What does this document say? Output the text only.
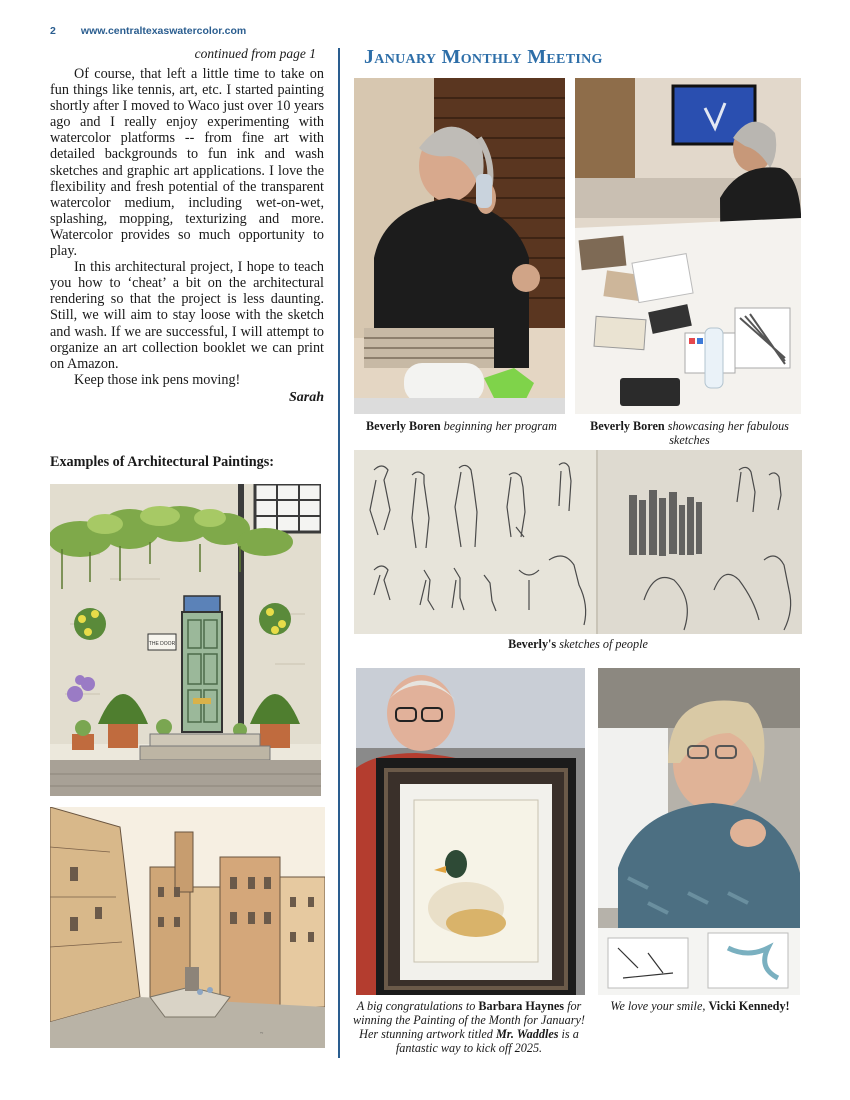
2 www.centraltexaswatercolor.com
continued from page 1

Of course, that left a little time to take on fun things like tennis, art, etc. I started painting shortly after I moved to Waco just over 10 years ago and I really enjoy experimenting with watercolor platforms -- from fine art with detailed backgrounds to fun ink and wash sketches and graphic art applications. I love the flexibility and fresh potential of the transparent watercolor medium, including wet-on-wet, splashing, mopping, texturizing and more. Watercolor provides so much opportunity to play.

In this architectural project, I hope to teach you how to ‘cheat’ a bit on the architectural rendering so that the project is less daunting. Still, we will aim to stay loose with the sketch and wash. If we are successful, I will attempt to organize an art collection booklet we can print on Amazon.

Keep those ink pens moving!

Sarah
Examples of Architectural Paintings:
THE DOOR
~
January Monthly Meeting
Beverly Boren beginning her program	Beverly Boren showcasing her fabulous sketches
Beverly's sketches of people
A big congratulations to Barbara Haynes for winning the Painting of the Month for January! Her stunning artwork titled Mr. Waddles is a fantastic way to kick off 2025.
We love your smile, Vicki Kennedy!
